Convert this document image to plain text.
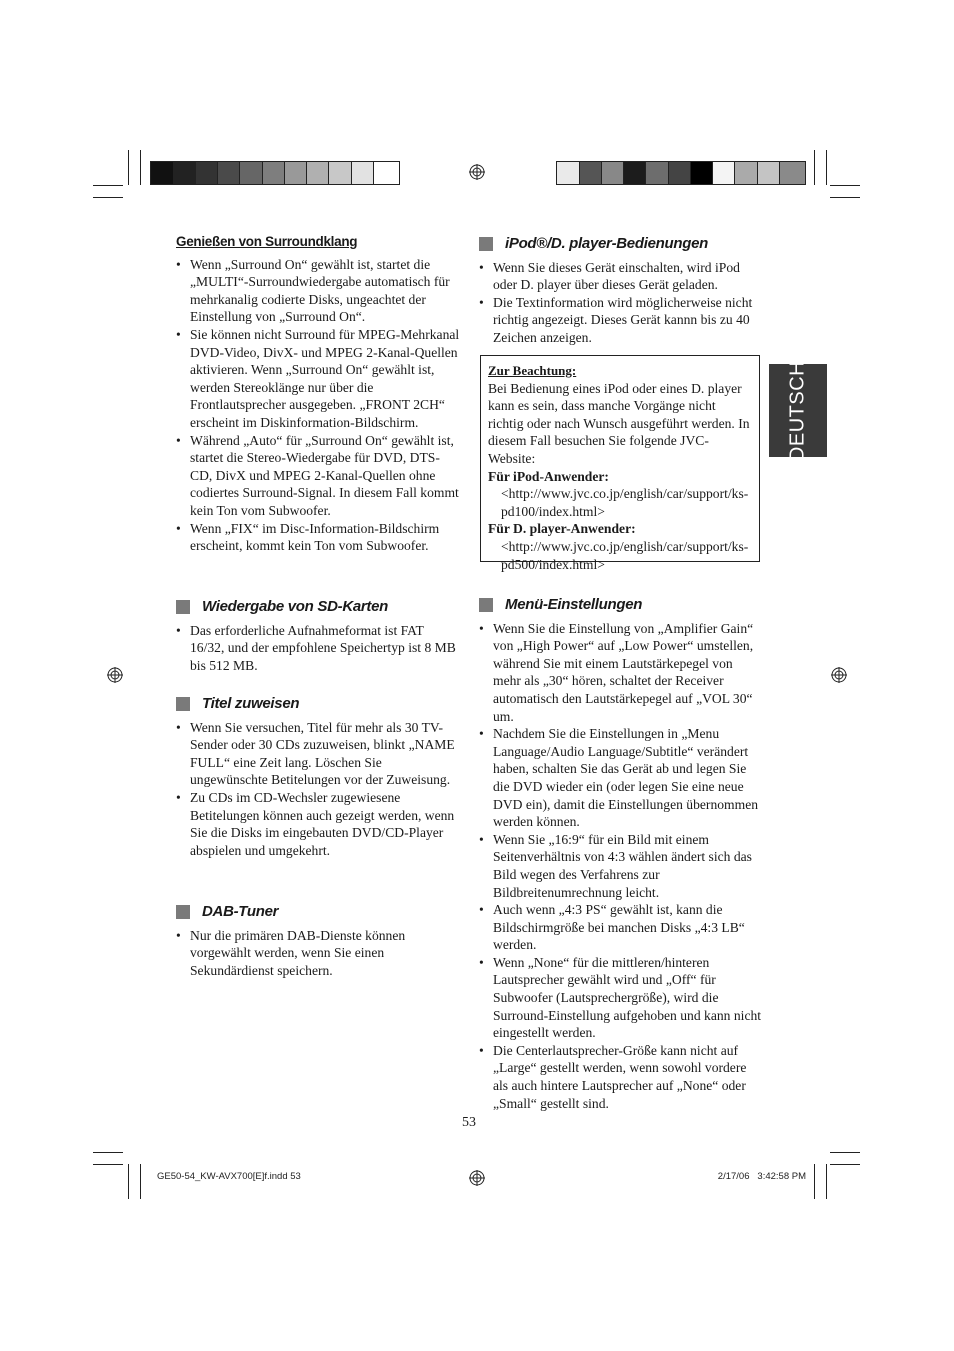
DEUTSCH
Genießen von Surroundklang
• Wenn „Surround On“ gewählt ist, startet die „MULTI“-Surroundwiedergabe automatisch für mehrkanalig codierte Disks, ungeachtet der Einstellung von „Surround On“.
• Sie können nicht Surround für MPEG-Mehrkanal DVD-Video, DivX- und MPEG 2-Kanal-Quellen aktivieren. Wenn „Surround On“ gewählt ist, werden Stereoklänge nur über die Frontlautsprecher ausgegeben. „FRONT 2CH“ erscheint im Diskinformation-Bildschirm.
• Während „Auto“ für „Surround On“ gewählt ist, startet die Stereo-Wiedergabe für DVD, DTS-CD, DivX und MPEG 2-Kanal-Quellen ohne codiertes Surround-Signal. In diesem Fall kommt kein Ton vom Subwoofer.
• Wenn „FIX“ im Disc-Information-Bildschirm erscheint, kommt kein Ton vom Subwoofer.
Wiedergabe von SD-Karten
• Das erforderliche Aufnahmeformat ist FAT 16/32, und der empfohlene Speichertyp ist 8 MB bis 512 MB.
Titel zuweisen
• Wenn Sie versuchen, Titel für mehr als 30 TV-Sender oder 30 CDs zuzuweisen, blinkt „NAME FULL“ eine Zeit lang. Löschen Sie ungewünschte Betitelungen vor der Zuweisung.
• Zu CDs im CD-Wechsler zugewiesene Betitelungen können auch gezeigt werden, wenn Sie die Disks im eingebauten DVD/CD-Player abspielen und umgekehrt.
DAB-Tuner
• Nur die primären DAB-Dienste können vorgewählt werden, wenn Sie einen Sekundärdienst speichern.
iPod®/D. player-Bedienungen
• Wenn Sie dieses Gerät einschalten, wird iPod oder D. player über dieses Gerät geladen.
• Die Textinformation wird möglicherweise nicht richtig angezeigt. Dieses Gerät kannn bis zu 40 Zeichen anzeigen.
Zur Beachtung:
Bei Bedienung eines iPod oder eines D. player kann es sein, dass manche Vorgänge nicht richtig oder nach Wunsch ausgeführt werden. In diesem Fall besuchen Sie folgende JVC-Website:
Für iPod-Anwender: <http://www.jvc.co.jp/english/car/support/ks-pd100/index.html>
Für D. player-Anwender: <http://www.jvc.co.jp/english/car/support/ks-pd500/index.html>
Menü-Einstellungen
• Wenn Sie die Einstellung von „Amplifier Gain“ von „High Power“ auf „Low Power“ umstellen, während Sie mit einem Lautstärkepegel von mehr als „30“ hören, schaltet der Receiver automatisch den Lautstärkepegel auf „VOL 30“ um.
• Nachdem Sie die Einstellungen in „Menu Language/Audio Language/Subtitle“ verändert haben, schalten Sie das Gerät ab und legen Sie die DVD wieder ein (oder legen Sie eine neue DVD ein), damit die Einstellungen übernommen werden können.
• Wenn Sie „16:9“ für ein Bild mit einem Seitenverhältnis von 4:3 wählen ändert sich das Bild wegen des Verfahrens zur Bildbreitenumrechnung leicht.
• Auch wenn „4:3 PS“ gewählt ist, kann die Bildschirmgröße bei manchen Disks „4:3 LB“ werden.
• Wenn „None“ für die mittleren/hinteren Lautsprecher gewählt wird und „Off“ für Subwoofer (Lautsprechergröße), wird die Surround-Einstellung aufgehoben und kann nicht eingestellt werden.
• Die Centerlautsprecher-Größe kann nicht auf „Large“ gestellt werden, wenn sowohl vordere als auch hintere Lautsprecher auf „None“ oder „Small“ gestellt sind.
53
GE50-54_KW-AVX700[E]f.indd 53	2/17/06   3:42:58 PM
